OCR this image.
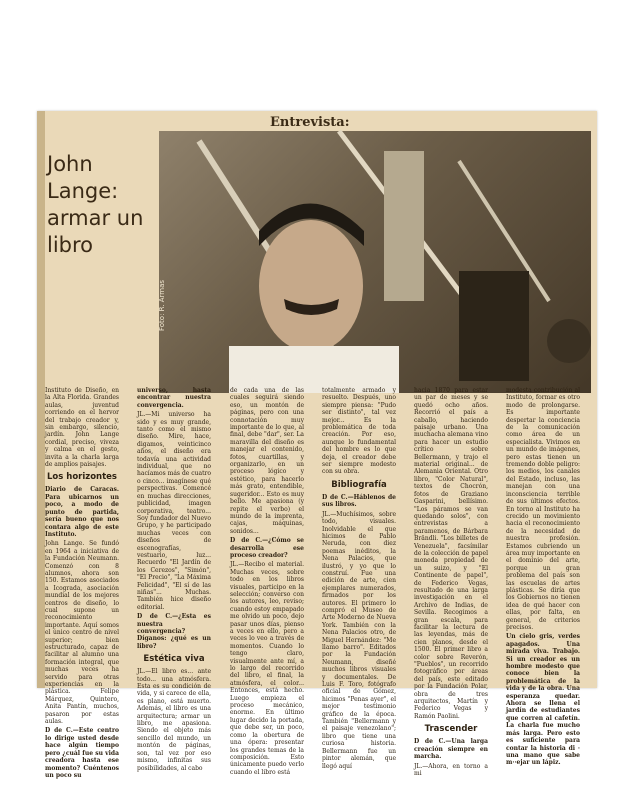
Entrevista:
Foto: R. Armas
John Lange: armar un libro

Instituto de Diseño, en la Alta Florida. Grandes aulas, juventud corriendo en el hervor del trabajo creador y, sin embargo, silencio, jardín. John Lange cordial, preciso, viveza y calma en el gesto, invita a la charla larga de amplios paisajes.

Los horizontes

Diario de Caracas. Para ubicarnos un poco, a modo de punto de partida, sería bueno que nos contara algo de este Instituto.

John Lange. Se fundó en 1964 a iniciativa de la Fundación Neumann. Comenzó con 8 alumnos, ahora son 150. Estamos asociados a Icograda, asociación mundial de los mejores centros de diseño, lo cual supone un reconocimiento importante. Aquí somos el único centro de nivel superior; bien estructurado, capaz de facilitar al alumno una formación integral, que muchas veces ha servido para otras experiencias en la plástica. Felipe Márquez, Quintero, Anita Pantín, muchos, pasaron por estas aulas.

D de C.—Este centro lo dirige usted desde hace algún tiempo pero ¿cuál fue su vida creadora hasta ese momento? Cuéntenos un poco su

universo, hasta encontrar nuestra convergencia.

JL.—Mi universo ha sido y es muy grande, tanto como el mismo diseño. Mire, hace, digamos, veinticinco años, el diseño era todavía una actividad individual, que no hacíamos más de cuatro o cinco... imagínese qué perspectivas. Comencé en muchas direcciones, publicidad, imagen corporativa, teatro... Soy fundador del Nuevo Grupo, y he participado muchas veces con diseños de escenografías, vestuario, luz... Recuerdo "El Jardín de los Cerezos", "Simón", "El Precio", "La Máxima Felicidad", "El sí de las niñas"... Muchas. También hice diseño editorial.

D de C.—¿Esta es nuestra convergencia? Díganos: ¿qué es un libro?

Estética viva

JL.—El libro es... ante todo... una atmósfera. Esta es su condición de vida, y si carece de ella, es plano, está muerto. Además, el libro es una arquitectura; armar un libro, me apasiona. Siendo el objeto más sencillo del mundo, un montón de páginas, son, tal vez por eso mismo, infinitas sus posibilidades, al cabo

de cada una de las cuales seguirá siendo eso, un montón de páginas, pero con una connotación muy importante de lo que, al final, debe "dar", ser. La maravilla del diseño es manejar el contenido, fotos, cuartillas, y organizarlo, en un proceso lógico y estético, para hacerlo más grato, entendible, sugeridor... Esto es muy bello. Me apasiona (y repite el verbo) el mundo de la imprenta, cajas, máquinas, sonidos...

D de C.—¿Cómo se desarrolla ese proceso creador?

JL.—Recibo el material. Muchas veces, sobre todo en los libros visuales, participo en la selección; converso con los autores, leo, reviso; cuando estoy empapado me olvido un poco, dejo pasar unos días, pienso a veces en ello, pero a veces lo veo a través de momentos. Cuando lo tengo claro, visualmente ante mí, a lo largo del recorrido del libro, el final, la atmósfera, el color... Entonces, está hecho. Luego empieza el proceso mecánico, enorme. En último lugar decido la portada, que debe ser, un poco, como la obertura de una ópera: presentar los grandes temas de la composición. Esto únicamente puedo verlo cuando el libro está

totalmente armado y resuelto. Después, uno siempre piensa: "Pudo ser distinto", tal vez mejor... Es la problemática de toda creación. Por eso, aunque lo fundamental del hombre es lo que deja, el creador debe ser siempre modesto con su obra.

Bibliografía

D de C.—Háblenos de sus libros.

JL.—Muchísimos, sobre todo, visuales. Inolvidable el que hicimos de Pablo Neruda, con diez poemas inéditos, la Nena Palacios, que ilustró, y yo que lo construí. Fue una edición de arte, cien ejemplares numerados, firmados por los autores. El primero lo compró el Museo de Arte Moderno de Nueva York. También con la Nena Palacios otro, de Miguel Hernández: "Me llamo barro". Editados por la Fundación Neumann, diseñé muchos libros visuales y documentales. De Luis F. Toro, fotógrafo oficial de Gómez, hicimos "Penas ayer", el mejor testimonio gráfico de la época. También "Bellermann y el paisaje venezolano"; libro que tiene una curiosa historia. Bellermann fue un pintor alemán, que llegó aquí

hacia 1870 para estar un par de meses y se quedó ocho años. Recorrió el país a caballo, haciendo paisaje urbano. Una muchacha alemana vino para hacer un estudio crítico sobre Bellermann, y trajo el material original... de Alemania Oriental. Otro libro, "Color Natural", textos de Chocrón, fotos de Graziano Gasparini, bellísimo. "Los páramos se van quedando solos", con entrevistas a paramenos, de Bárbara Brändli. "Los billetes de Venezuela", facsímilar de la colección de papel moneda propiedad de un suizo, y "El Continente de papel", de Federico Vegas, resultado de una larga investigación en el Archivo de Indias, de Sevilla. Recogimos a gran escala, para facilitar la lectura de las leyendas, más de cien planos, desde el 1500. El primer libro a color sobre Reverón, "Pueblos", un recorrido fotográfico por áreas del país, este editado por la Fundación Polar, obra de tres arquitectos, Martín y Federico Vegas y Ramón Paolini.

Trascender

D de C.—Una larga creación siempre en marcha.

JL.—Ahora, en torno a mi

modesta contribución al Instituto, formar es otro modo de prolongarse. Es importante despertar la conciencia de la comunicación como área de un especialista. Vivimos en un mundo de imágenes, pero estas tienen un tremendo doble peligro: los medios, los canales del Estado, incluso, las manejan con una inconsciencia terrible de sus últimos efectos. En torno al Instituto ha crecido un movimiento hacia el reconocimiento de la necesidad de nuestra profesión. Estamos cubriendo un área muy importante en el dominio del arte, porque un gran problema del país son las escuelas de artes plásticas. Se diría que los Gobiernos no tienen idea de qué hacer con ellas, por falta, en general, de criterios precisos.

Un cielo gris, verdes apagados. Una mirada viva. Trabajo. Si un creador es un hombre modesto que conoce bien la problemática de la vida y de la obra. Una esperanza quedar. Ahora se llena el jardín de estudiantes que corren al cafetín. La charla fue mucho más larga. Pero esto es suficiente para contar la historia di · una mano que sabe m··ejar un lápiz.
